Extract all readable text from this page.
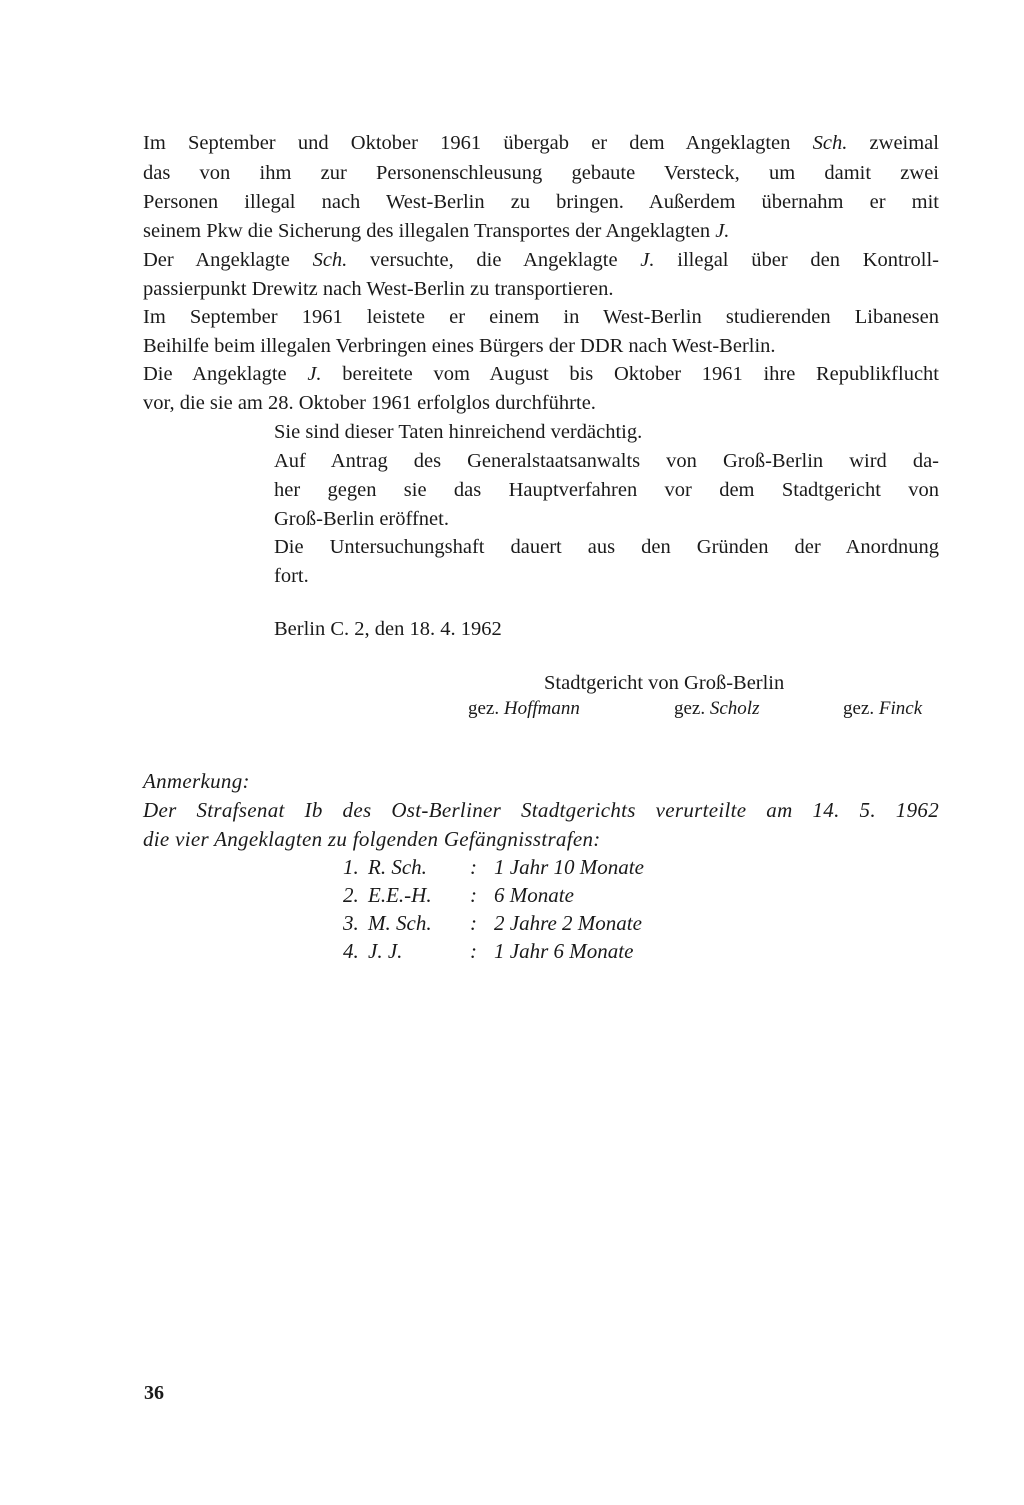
Im September und Oktober 1961 übergab er dem Angeklagten Sch. zweimal
das von ihm zur Personenschleusung gebaute Versteck, um damit zwei
Personen illegal nach West-Berlin zu bringen. Außerdem übernahm er mit
seinem Pkw die Sicherung des illegalen Transportes der Angeklagten J.
Der Angeklagte Sch. versuchte, die Angeklagte J. illegal über den Kontroll-
passierpunkt Drewitz nach West-Berlin zu transportieren.
Im September 1961 leistete er einem in West-Berlin studierenden Libanesen
Beihilfe beim illegalen Verbringen eines Bürgers der DDR nach West-Berlin.
Die Angeklagte J. bereitete vom August bis Oktober 1961 ihre Republikflucht
vor, die sie am 28. Oktober 1961 erfolglos durchführte.
Sie sind dieser Taten hinreichend verdächtig.
Auf Antrag des Generalstaatsanwalts von Groß-Berlin wird da-
her gegen sie das Hauptverfahren vor dem Stadtgericht von
Groß-Berlin eröffnet.
Die Untersuchungshaft dauert aus den Gründen der Anordnung
fort.
Berlin C. 2, den 18. 4. 1962
Stadtgericht von Groß-Berlin
gez. Hoffmann	gez. Scholz	gez. Finck
Anmerkung:
Der Strafsenat Ib des Ost-Berliner Stadtgerichts verurteilte am 14. 5. 1962
die vier Angeklagten zu folgenden Gefängnisstrafen:
1. R. Sch. : 1 Jahr 10 Monate
2. E.E.-H. : 6 Monate
3. M. Sch. : 2 Jahre 2 Monate
4. J. J.	: 1 Jahr 6 Monate
36
